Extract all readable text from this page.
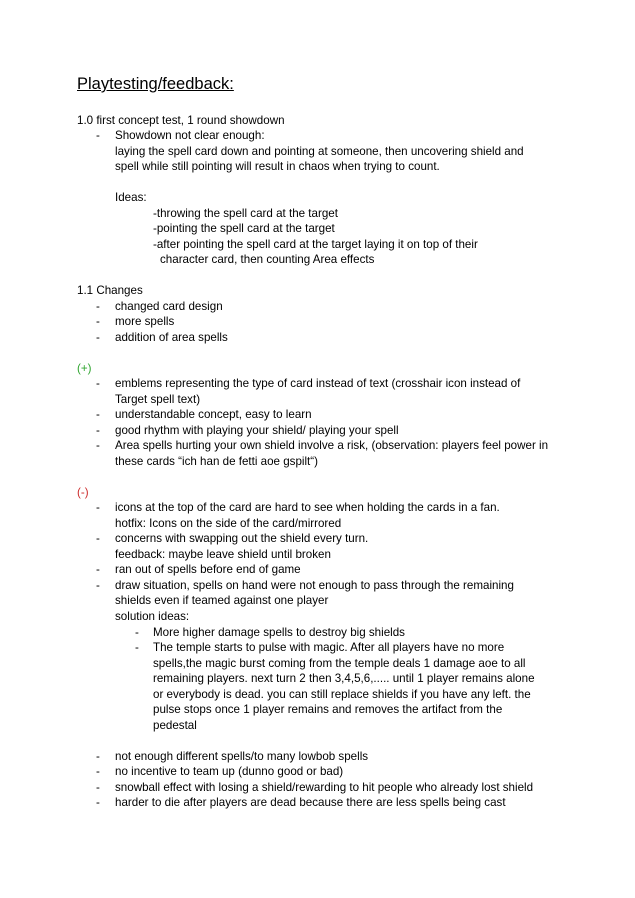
Playtesting/feedback:
1.0 first concept test, 1 round showdown
- Showdown not clear enough:
laying the spell card down and pointing at someone, then uncovering shield and
spell while still pointing will result in chaos when trying to count.
Ideas:
-throwing the spell card at the target
-pointing the spell card at the target
-after pointing the spell card at the target laying it on top of their
character card, then counting Area effects
1.1 Changes
- changed card design
- more spells
- addition of area spells
(+)
- emblems representing the type of card instead of text (crosshair icon instead of
Target spell text)
- understandable concept, easy to learn
- good rhythm with playing your shield/ playing your spell
- Area spells hurting your own shield involve a risk, (observation: players feel power in
these cards “ich han de fetti aoe gspilt“)
(-)
- icons at the top of the card are hard to see when holding the cards in a fan.
hotfix: Icons on the side of the card/mirrored
- concerns with swapping out the shield every turn.
feedback: maybe leave shield until broken
- ran out of spells before end of game
- draw situation, spells on hand were not enough to pass through the remaining
shields even if teamed against one player
solution ideas:
- More higher damage spells to destroy big shields
- The temple starts to pulse with magic. After all players have no more
spells,the magic burst coming from the temple deals 1 damage aoe to all
remaining players. next turn 2 then 3,4,5,6,..... until 1 player remains alone
or everybody is dead. you can still replace shields if you have any left. the
pulse stops once 1 player remains and removes the artifact from the
pedestal
- not enough different spells/to many lowbob spells
- no incentive to team up (dunno good or bad)
- snowball effect with losing a shield/rewarding to hit people who already lost shield
- harder to die after players are dead because there are less spells being cast
